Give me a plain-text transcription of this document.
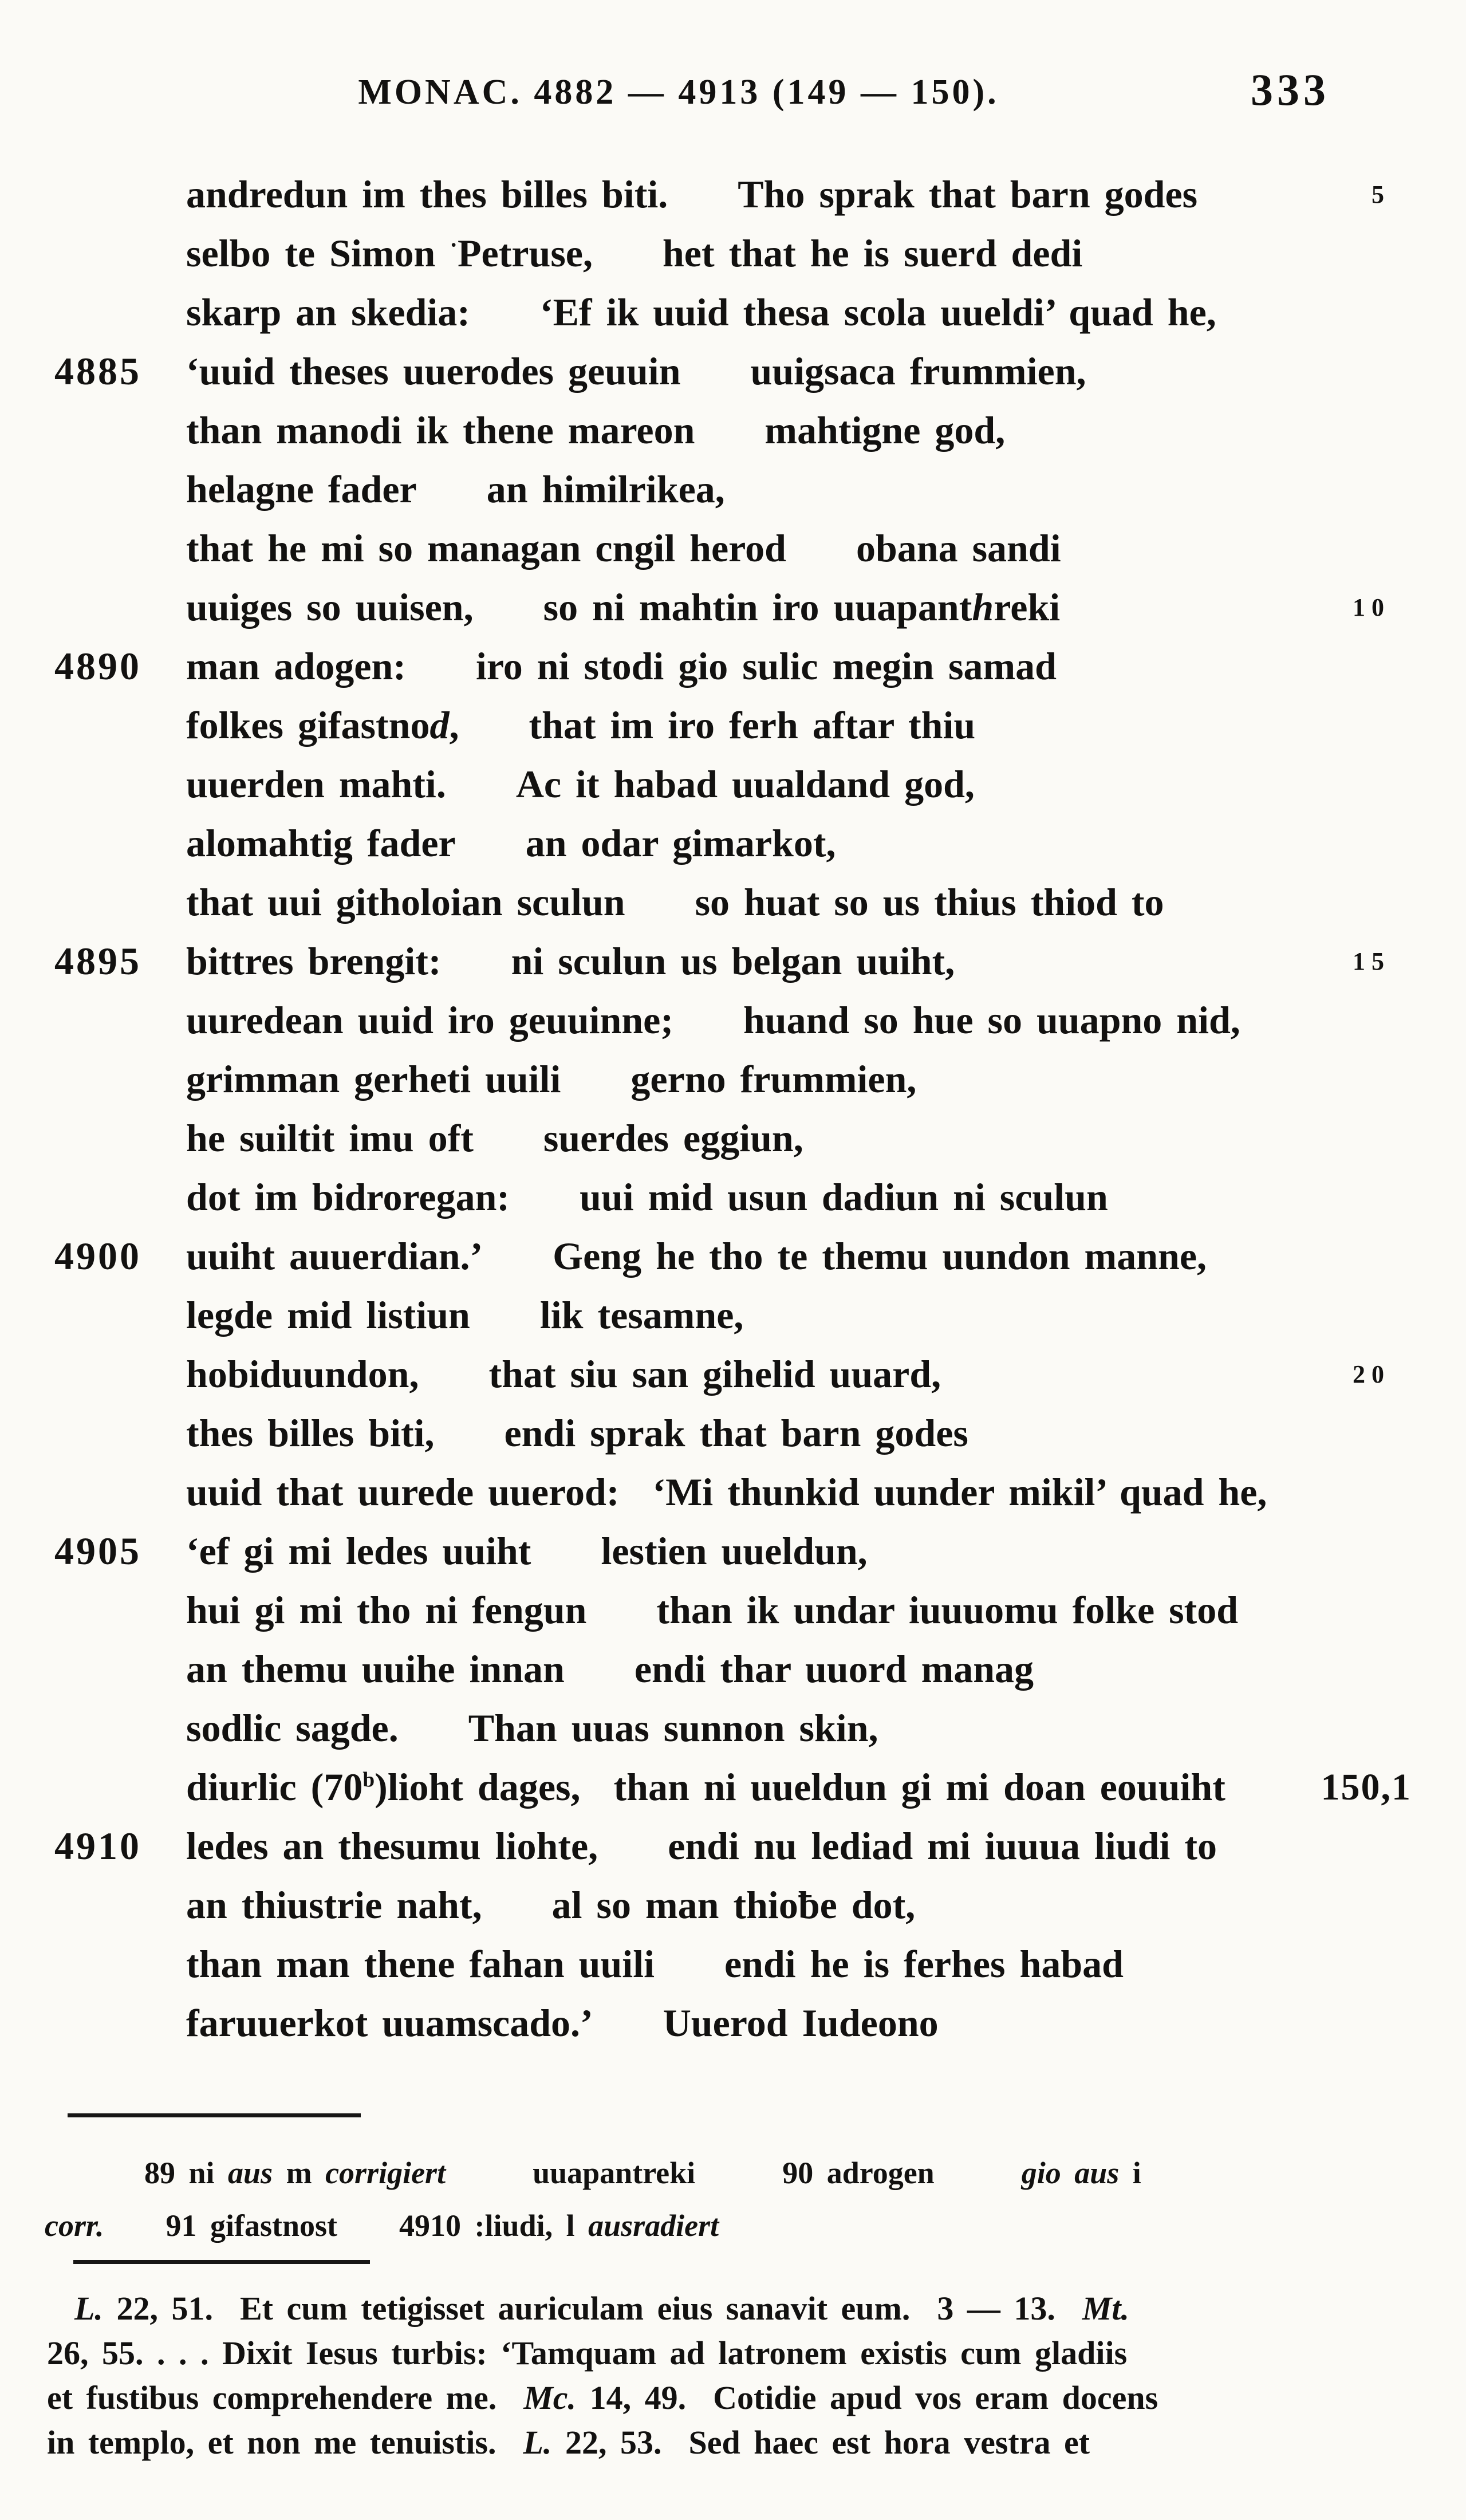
MONAC. 4882 — 4913 (149 — 150).	333
andredun im thes billes biti. Tho sprak that barn godes	5
selbo te Simon ·Petruse, het that he is suerd dedi
skarp an skedia: ‘Ef ik uuid thesa scola uueldi’ quad he,
4885 ‘uuid theses uuerodes geuuin uuigsaca frummien,
than manodi ik thene mareon mahtigne god,
helagne fader an himilrikea,
that he mi so managan cngil herod obana sandi
uuiges so uuisen, so ni mahtin iro uuapanthreki	10
4890 man adogen: iro ni stodi gio sulic megin samad
folkes gifastnod, that im iro ferh aftar thiu
uuerden mahti. Ac it habad uualdand god,
alomahtig fader an odar gimarkot,
that uui githoloian sculun so huat so us thius thiod to
4895 bittres brengit: ni sculun us belgan uuiht,	15
uuredean uuid iro geuuinne; huand so hue so uuapno nid,
grimman gerheti uuili gerno frummien,
he suiltit imu oft suerdes eggiun,
dot im bidroregan: uui mid usun dadiun ni sculun
4900 uuiht auuerdian.’ Geng he tho te themu uundon manne,
legde mid listiun lik tesamne,
hobiduundon, that siu san gihelid uuard,	20
thes billes biti, endi sprak that barn godes
uuid that uurede uuerod: ‘Mi thunkid uunder mikil’ quad he,
4905 ‘ef gi mi ledes uuiht lestien uueldun,
hui gi mi tho ni fengun than ik undar iuuuomu folke stod
an themu uuihe innan endi thar uuord manag
sodlic sagde. Than uuas sunnon skin,
diurlic (70$^b$)lioht dages, than ni uueldun gi mi doan eouuiht	150,1
4910 ledes an thesumu liohte, endi nu lediad mi iuuua liudi to
an thiustrie naht, al so man thioƀe dot,
than man thene fahan uuili endi he is ferhes habad
faruuerkot uuamscado.’ Uuerod Iudeono
89 ni aus m corrigiert	uuapantreki	90 adrogen	gio aus i
corr. 91 gifastnost 4910 :liudi, l ausradiert
L. 22, 51.  Et cum tetigisset auriculam eius sanavit eum.  3 — 13.  Mt.
26, 55. . . . Dixit Iesus turbis: ‘Tamquam ad latronem existis cum gladiis
et fustibus comprehendere me.  Mc. 14, 49.  Cotidie apud vos eram docens
in templo, et non me tenuistis.  L. 22, 53.  Sed haec est hora vestra et
